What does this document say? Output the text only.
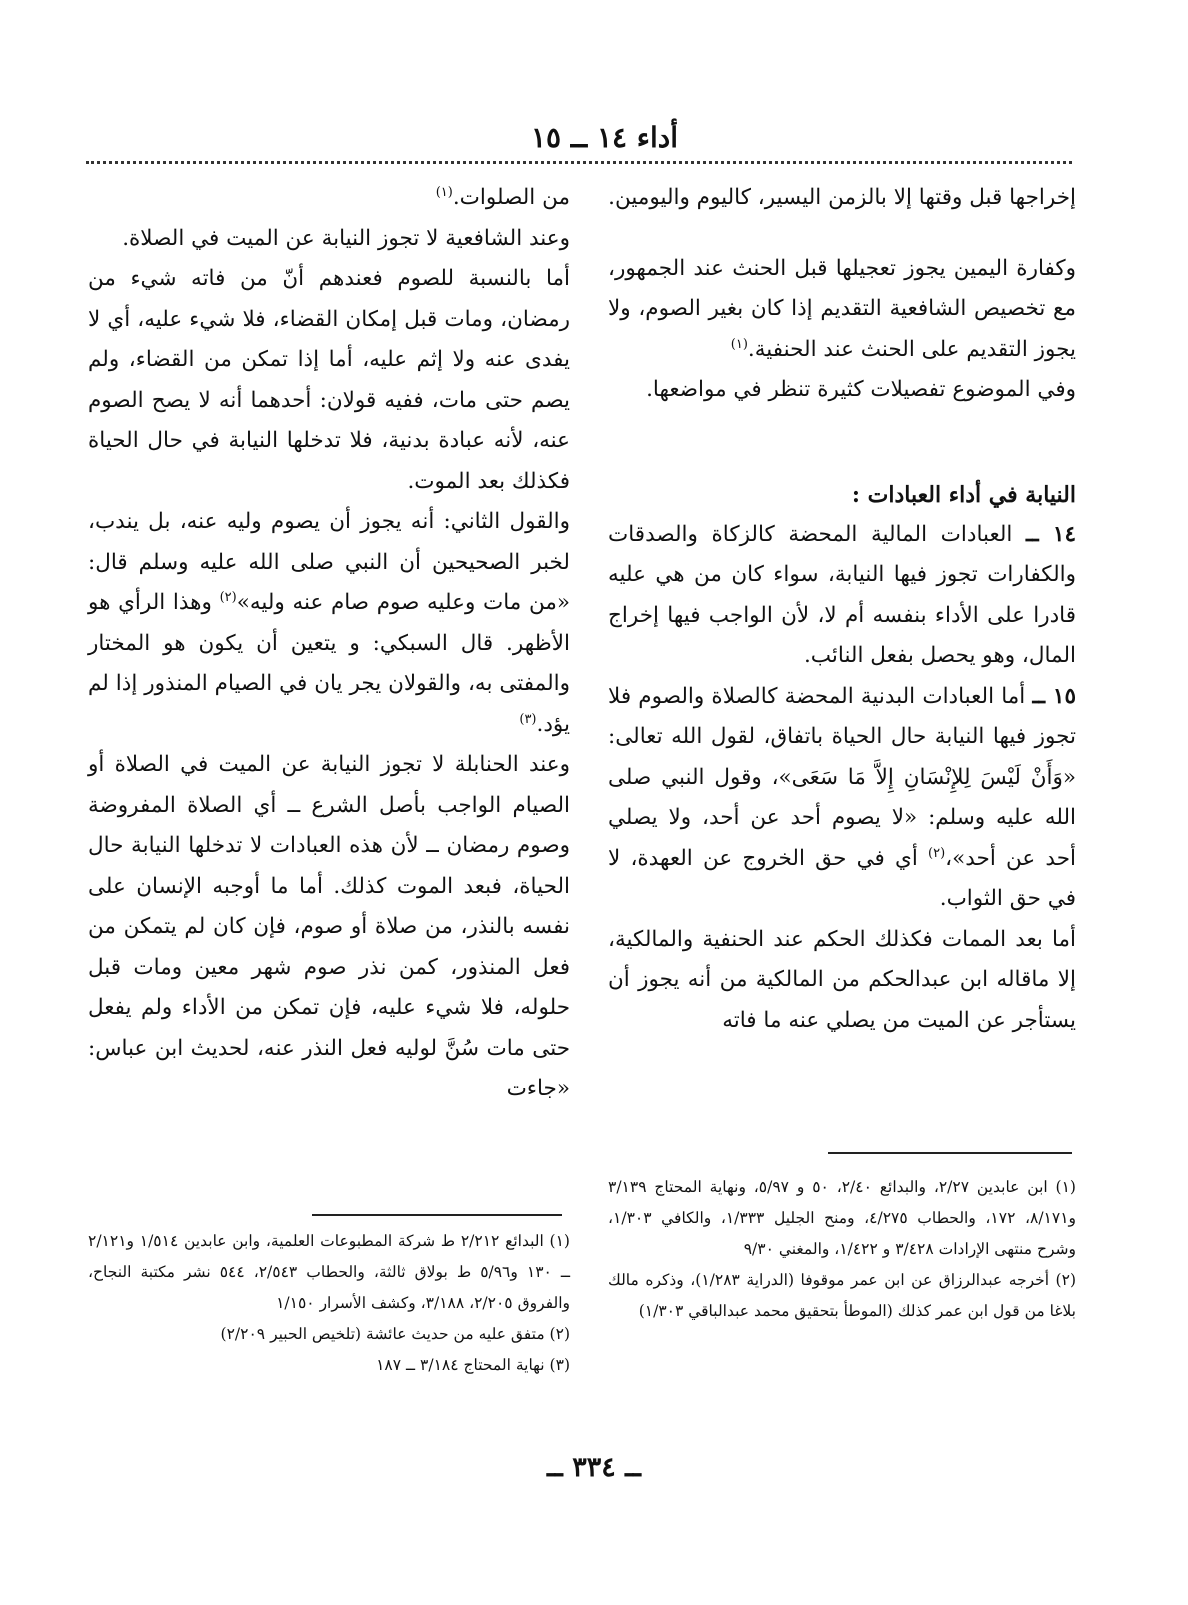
أداء ١٤ ــ ١٥

إخراجها قبل وقتها إلا بالزمن اليسير، كاليوم واليومين.

وكفارة اليمين يجوز تعجيلها قبل الحنث عند الجمهور، مع تخصيص الشافعية التقديم إذا كان بغير الصوم، ولا يجوز التقديم على الحنث عند الحنفية.$^{(١)}$

وفي الموضوع تفصيلات كثيرة تنظر في مواضعها.

النيابة في أداء العبادات :

١٤ ــ العبادات المالية المحضة كالزكاة والصدقات والكفارات تجوز فيها النيابة، سواء كان من هي عليه قادرا على الأداء بنفسه أم لا، لأن الواجب فيها إخراج المال، وهو يحصل بفعل النائب.

١٥ ــ أما العبادات البدنية المحضة كالصلاة والصوم فلا تجوز فيها النيابة حال الحياة باتفاق، لقول الله تعالى: «وَأَنْ لَيْسَ لِلإِنْسَانِ إِلاَّ مَا سَعَى»، وقول النبي صلى الله عليه وسلم: «لا يصوم أحد عن أحد، ولا يصلي أحد عن أحد»،$^{(٢)}$ أي في حق الخروج عن العهدة، لا في حق الثواب.

أما بعد الممات فكذلك الحكم عند الحنفية والمالكية، إلا ماقاله ابن عبدالحكم من المالكية من أنه يجوز أن يستأجر عن الميت من يصلي عنه ما فاته

من الصلوات.$^{(١)}$

وعند الشافعية لا تجوز النيابة عن الميت في الصلاة.

أما بالنسبة للصوم فعندهم أنّ من فاته شيء من رمضان، ومات قبل إمكان القضاء، فلا شيء عليه، أي لا يفدى عنه ولا إثم عليه، أما إذا تمكن من القضاء، ولم يصم حتى مات، ففيه قولان: أحدهما أنه لا يصح الصوم عنه، لأنه عبادة بدنية، فلا تدخلها النيابة في حال الحياة فكذلك بعد الموت.

والقول الثاني: أنه يجوز أن يصوم وليه عنه، بل يندب، لخبر الصحيحين أن النبي صلى الله عليه وسلم قال: «من مات وعليه صوم صام عنه وليه»$^{(٢)}$ وهذا الرأي هو الأظهر. قال السبكي: و يتعين أن يكون هو المختار والمفتى به، والقولان يجر يان في الصيام المنذور إذا لم يؤد.$^{(٣)}$

وعند الحنابلة لا تجوز النيابة عن الميت في الصلاة أو الصيام الواجب بأصل الشرع ــ أي الصلاة المفروضة وصوم رمضان ــ لأن هذه العبادات لا تدخلها النيابة حال الحياة، فبعد الموت كذلك. أما ما أوجبه الإنسان على نفسه بالنذر، من صلاة أو صوم، فإن كان لم يتمكن من فعل المنذور، كمن نذر صوم شهر معين ومات قبل حلوله، فلا شيء عليه، فإن تمكن من الأداء ولم يفعل حتى مات سُنَّ لوليه فعل النذر عنه، لحديث ابن عباس: «جاءت

(١) ابن عابدين ٢/٢٧، والبدائع ٢/٤٠، ٥٠ و ٥/٩٧، ونهاية المحتاج ٣/١٣٩ و٨/١٧١، ١٧٢، والحطاب ٤/٢٧٥، ومنح الجليل ١/٣٣٣، والكافي ١/٣٠٣، وشرح منتهى الإرادات ٣/٤٢٨ و ١/٤٢٢، والمغني ٩/٣٠

(٢) أخرجه عبدالرزاق عن ابن عمر موقوفا (الدراية ١/٢٨٣)، وذكره مالك بلاغا من قول ابن عمر كذلك (الموطأ بتحقيق محمد عبدالباقي ١/٣٠٣)

(١) البدائع ٢/٢١٢ ط شركة المطبوعات العلمية، وابن عابدين ١/٥١٤ و٢/١٢١ ــ ١٣٠ و٥/٩٦ ط بولاق ثالثة، والحطاب ٢/٥٤٣، ٥٤٤ نشر مكتبة النجاح، والفروق ٢/٢٠٥، ٣/١٨٨، وكشف الأسرار ١/١٥٠

(٢) متفق عليه من حديث عائشة (تلخيص الحبير ٢/٢٠٩)

(٣) نهاية المحتاج ٣/١٨٤ ــ ١٨٧

ــ ٣٣٤ ــ
